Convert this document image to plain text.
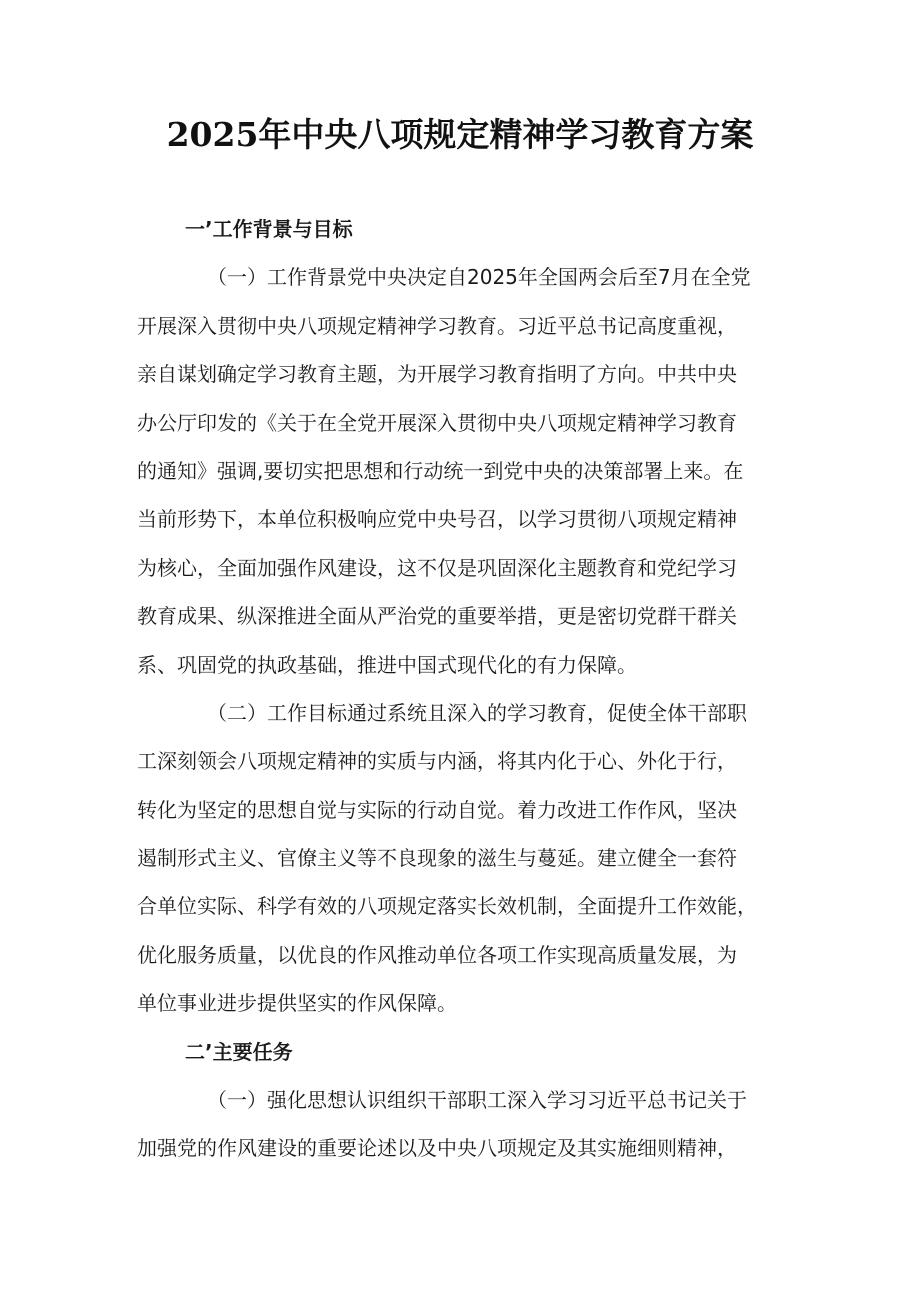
2025年中央八项规定精神学习教育方案
一’工作背景与目标
（一）工作背景党中央决定自2025年全国两会后至7月在全党
开展深入贯彻中央八项规定精神学习教育。习近平总书记高度重视，
亲自谋划确定学习教育主题，为开展学习教育指明了方向。中共中央
办公厅印发的《关于在全党开展深入贯彻中央八项规定精神学习教育
的通知》强调,要切实把思想和行动统一到党中央的决策部署上来。在
当前形势下，本单位积极响应党中央号召，以学习贯彻八项规定精神
为核心，全面加强作风建设，这不仅是巩固深化主题教育和党纪学习
教育成果、纵深推进全面从严治党的重要举措，更是密切党群干群关
系、巩固党的执政基础，推进中国式现代化的有力保障。
（二）工作目标通过系统且深入的学习教育，促使全体干部职
工深刻领会八项规定精神的实质与内涵，将其内化于心、外化于行，
转化为坚定的思想自觉与实际的行动自觉。着力改进工作作风，坚决
遏制形式主义、官僚主义等不良现象的滋生与蔓延。建立健全一套符
合单位实际、科学有效的八项规定落实长效机制，全面提升工作效能，
优化服务质量，以优良的作风推动单位各项工作实现高质量发展，为
单位事业进步提供坚实的作风保障。
二’主要任务
（一）强化思想认识组织干部职工深入学习习近平总书记关于
加强党的作风建设的重要论述以及中央八项规定及其实施细则精神，
